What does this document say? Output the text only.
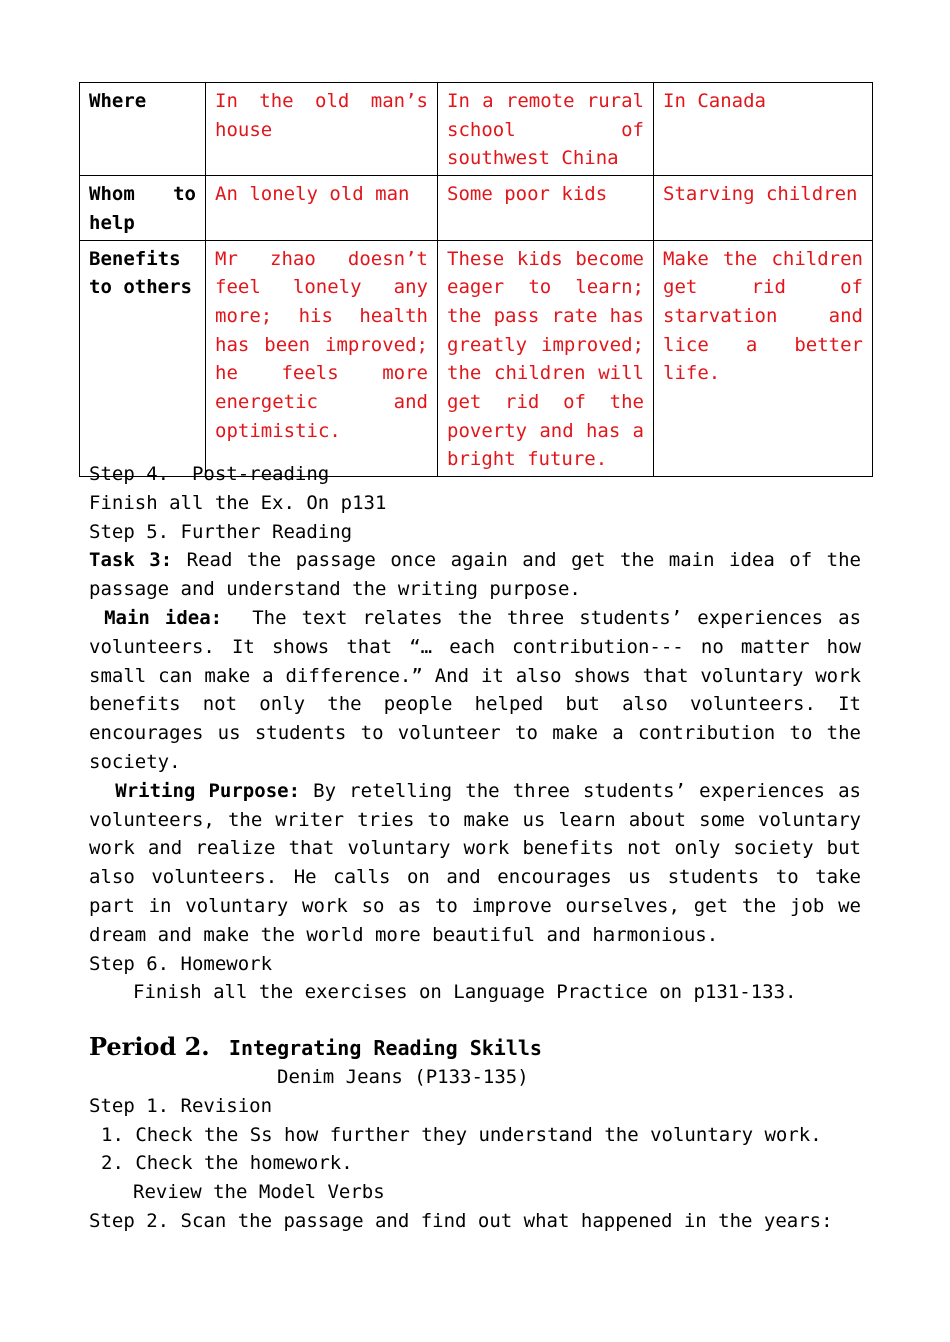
Where	In the old man’s house	In a remote rural school of southwest China	In Canada
Whom to help	An lonely old man	Some poor kids	Starving children
Benefits to others	Mr zhao doesn’t feel lonely any more; his health has been improved; he feels more energetic and optimistic.	These kids become eager to learn; the pass rate has greatly improved; the children will get rid of the poverty and has a bright future.	Make the children get rid of starvation and lice a better life.

Step 4.  Post-reading

Finish all the Ex. On p131

Step 5. Further Reading

Task 3: Read the passage once again and get the main idea of the passage and understand the writing purpose.

Main idea:  The text relates the three students’ experiences as volunteers. It shows that “… each contribution--- no matter how small can make a difference.” And it also shows that voluntary work benefits not only the people helped but also volunteers. It encourages us students to volunteer to make a contribution to the society.

Writing Purpose: By retelling the three students’ experiences as volunteers, the writer tries to make us learn about some voluntary work and realize that voluntary work benefits not only society but also volunteers. He calls on and encourages us students to take part in voluntary work so as to improve ourselves, get the job we dream and make the world more beautiful and harmonious.

Step 6. Homework

Finish all the exercises on Language Practice on p131-133.

Period 2. Integrating Reading Skills

Denim Jeans (P133-135)

Step 1. Revision

1. Check the Ss how further they understand the voluntary work.

2. Check the homework.

Review the Model Verbs

Step 2. Scan the passage and find out what happened in the years:
